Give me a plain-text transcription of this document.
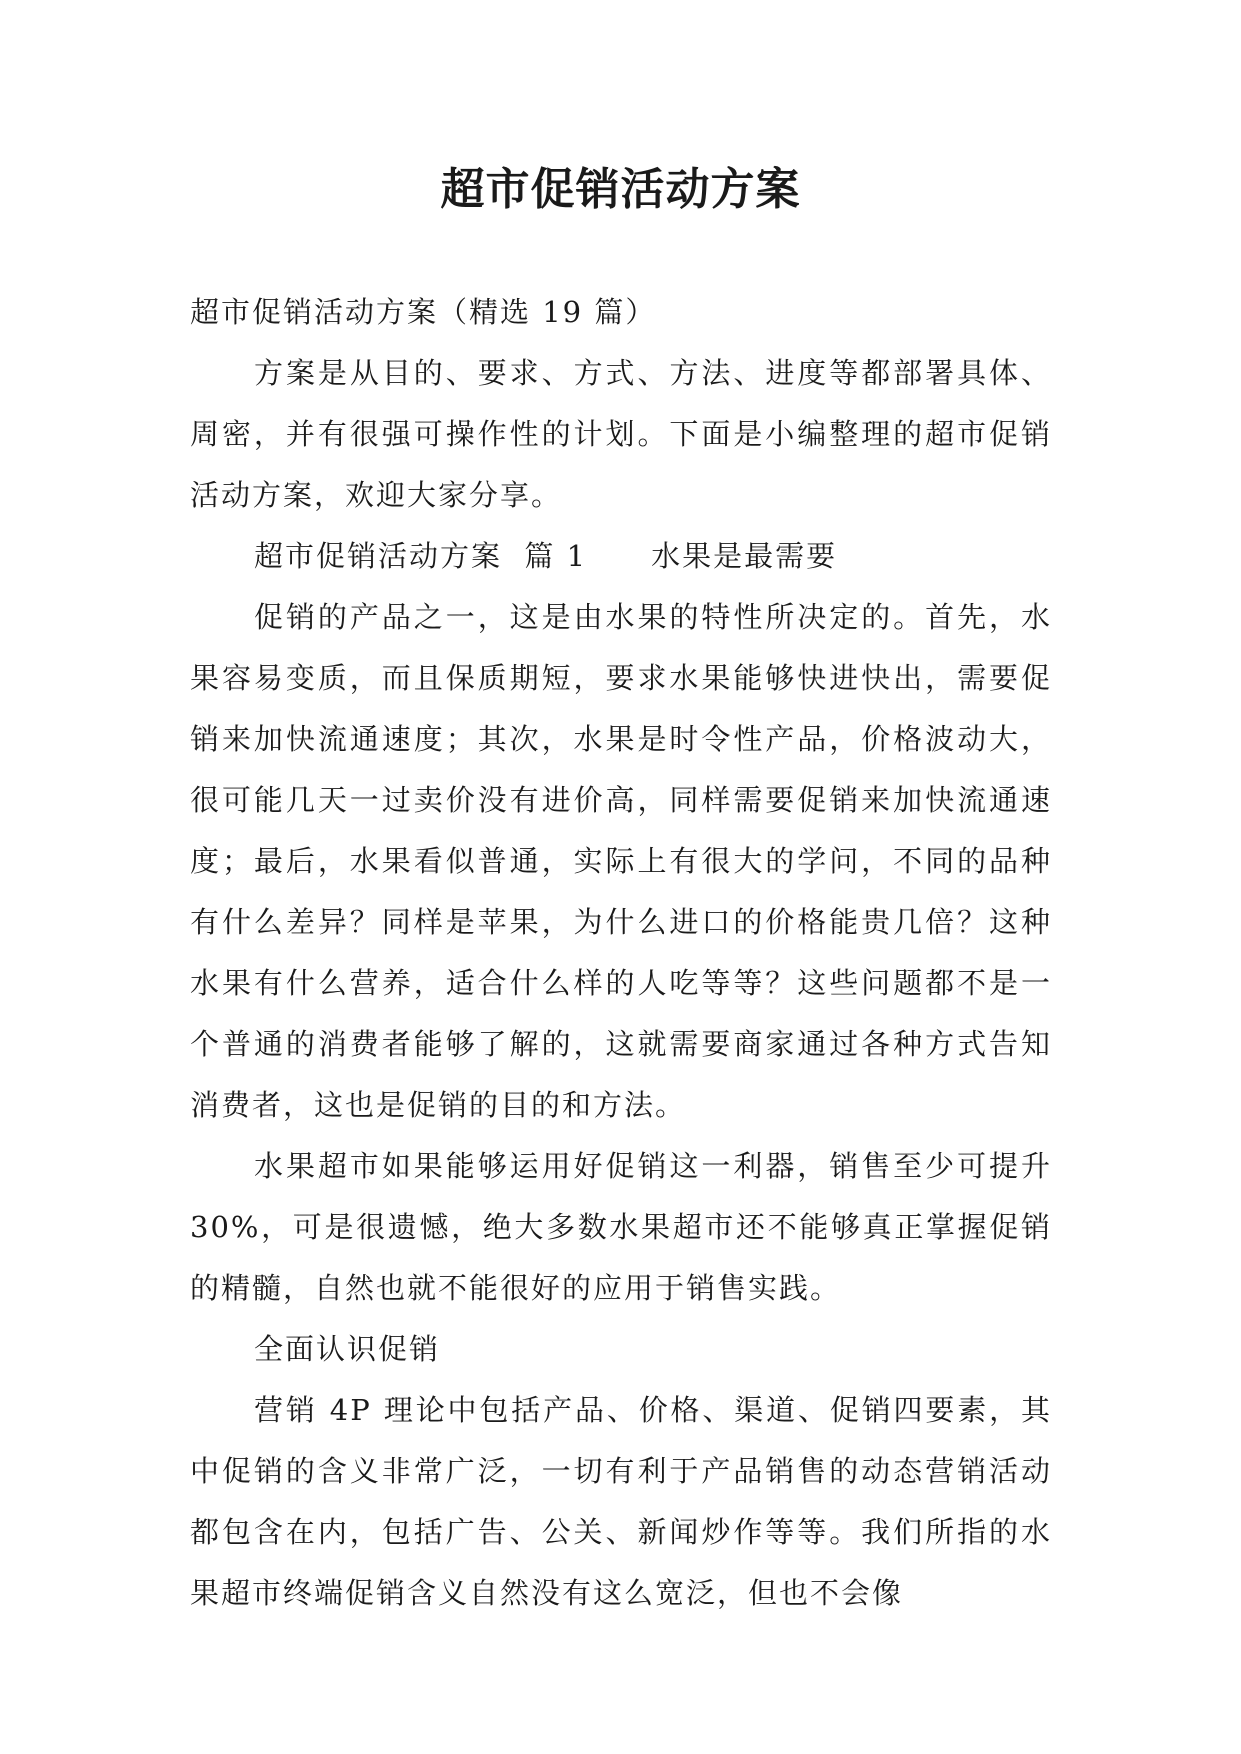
超市促销活动方案

超市促销活动方案（精选 19 篇）

方案是从目的、要求、方式、方法、进度等都部署具体、周密，并有很强可操作性的计划。下面是小编整理的超市促销活动方案，欢迎大家分享。

超市促销活动方案  篇 1 水果是最需要

促销的产品之一，这是由水果的特性所决定的。首先，水果容易变质，而且保质期短，要求水果能够快进快出，需要促销来加快流通速度；其次，水果是时令性产品，价格波动大，很可能几天一过卖价没有进价高，同样需要促销来加快流通速度；最后，水果看似普通，实际上有很大的学问，不同的品种有什么差异？同样是苹果，为什么进口的价格能贵几倍？这种水果有什么营养，适合什么样的人吃等等？这些问题都不是一个普通的消费者能够了解的，这就需要商家通过各种方式告知消费者，这也是促销的目的和方法。

水果超市如果能够运用好促销这一利器，销售至少可提升 30%，可是很遗憾，绝大多数水果超市还不能够真正掌握促销的精髓，自然也就不能很好的应用于销售实践。

全面认识促销

营销 4P 理论中包括产品、价格、渠道、促销四要素，其中促销的含义非常广泛，一切有利于产品销售的动态营销活动都包含在内，包括广告、公关、新闻炒作等等。我们所指的水果超市终端促销含义自然没有这么宽泛，但也不会像
